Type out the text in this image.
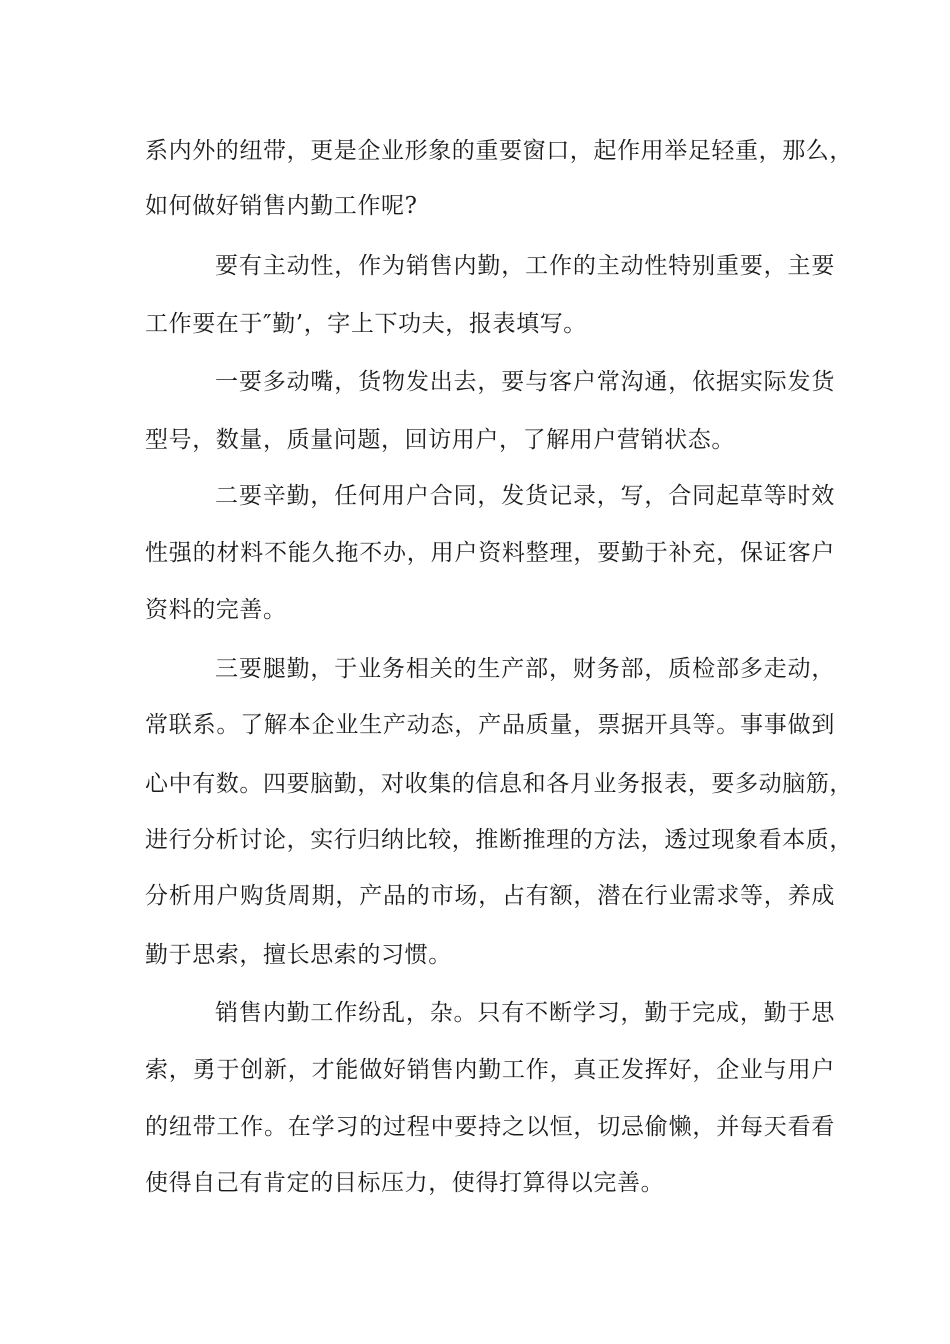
系内外的纽带，更是企业形象的重要窗口，起作用举足轻重，那么，

如何做好销售内勤工作呢?

要有主动性，作为销售内勤，工作的主动性特别重要，主要

工作要在于″勤’，字上下功夫，报表填写。

一要多动嘴，货物发出去，要与客户常沟通，依据实际发货

型号，数量，质量问题，回访用户，了解用户营销状态。

二要辛勤，任何用户合同，发货记录，写，合同起草等时效

性强的材料不能久拖不办，用户资料整理，要勤于补充，保证客户

资料的完善。

三要腿勤，于业务相关的生产部，财务部，质检部多走动，

常联系。了解本企业生产动态，产品质量，票据开具等。事事做到

心中有数。四要脑勤，对收集的信息和各月业务报表，要多动脑筋，

进行分析讨论，实行归纳比较，推断推理的方法，透过现象看本质，

分析用户购货周期，产品的市场，占有额，潜在行业需求等，养成

勤于思索，擅长思索的习惯。

销售内勤工作纷乱，杂。只有不断学习，勤于完成，勤于思

索，勇于创新，才能做好销售内勤工作，真正发挥好，企业与用户

的纽带工作。在学习的过程中要持之以恒，切忌偷懒，并每天看看

使得自己有肯定的目标压力，使得打算得以完善。
